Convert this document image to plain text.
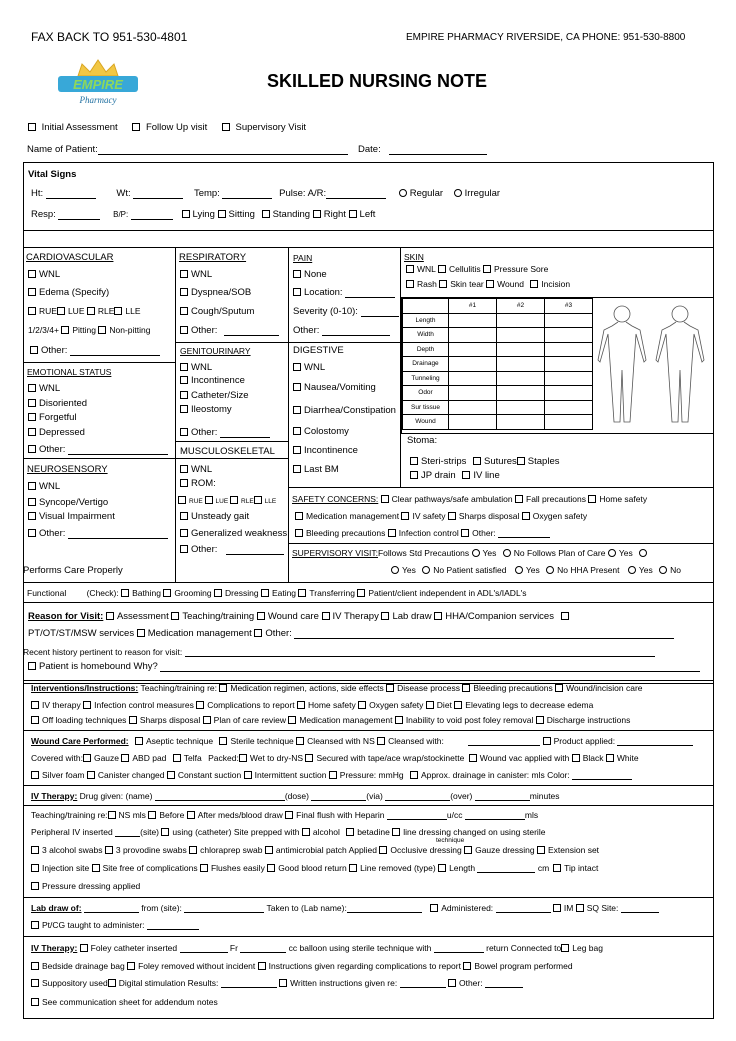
FAX BACK TO 951-530-4801	EMPIRE PHARMACY RIVERSIDE, CA PHONE: 951-530-8800
EMPIRE
Pharmacy
SKILLED NURSING NOTE
Initial Assessment	Follow Up visit	Supervisory Visit
Name of Patient:	Date:
Vital Signs
Ht:	Wt:	Temp:	Pulse: A/R:	Regular Irregular
Resp:	B/P:	Lying Sitting Standing Right Left
CARDIOVASCULAR
WNL
Edema (Specify)
RUE LUE RLE LLE
1/2/3/4+ Pitting Non-pitting
Other:
RESPIRATORY
WNL
Dyspnea/SOB
Cough/Sputum
Other:
PAIN
None
Location:
Severity (0-10):
Other:
SKIN
WNL Cellulitis Pressure Sore
Rash Skin tear Wound Incision
	#1	#2	#3
Length			
Width			
Depth			
Drainage			
Tunneling			
Odor			
Sur tissue			
Wound			
Stoma:
Steri-strips Sutures Staples
JP drain IV line
EMOTIONAL STATUS
WNL
Disoriented
Forgetful
Depressed
Other:
GENITOURINARY
WNL
Incontinence
Catheter/Size
Ileostomy
Other:
DIGESTIVE
WNL
Nausea/Vomiting
Diarrhea/Constipation
Colostomy
Incontinence
Last BM
NEUROSENSORY
WNL
Syncope/Vertigo
Visual Impairment
Other:
Performs Care Properly
MUSCULOSKELETAL
WNL
ROM:
RUE LUE RLE LLE
Unsteady gait
Generalized weakness
Other:
SAFETY CONCERNS: Clear pathways/safe ambulation Fall precautions Home safety
Medication management IV safety Sharps disposal Oxygen safety
Bleeding precautions Infection control Other:
SUPERVISORY VISIT:Follows Std Precautions Yes No Follows Plan of Care Yes
Yes No Patient satisfied Yes No HHA Present Yes No
Functional (Check): Bathing Grooming Dressing Eating Transferring Patient/client independent in ADL's/IADL's
Reason for Visit: Assessment Teaching/training Wound care IV Therapy Lab draw HHA/Companion services
PT/OT/ST/MSW services Medication management Other:
Recent history pertinent to reason for visit:
Patient is homebound Why?
Interventions/Instructions: Teaching/training re: Medication regimen, actions, side effects Disease process Bleeding precautions Wound/incision care
IV therapy Infection control measures Complications to report Home safety Oxygen safety Diet Elevating legs to decrease edema
Off loading techniques Sharps disposal Plan of care review Medication management Inability to void post foley removal Discharge instructions
Wound Care Performed: Aseptic technique Sterile technique Cleansed with NS Cleansed with:	Product applied:
Covered with: Gauze ABD pad Telfa Packed: Wet to dry-NS Secured with tape/ace wrap/stockinette Wound vac applied with Black White
Silver foam Canister changed Constant suction Intermittent suction Pressure: mmHg Approx. drainage in canister: mls Color:
IV Therapy: Drug given: (name)	(dose)	(via)	(over)	minutes
Teaching/training re: NS mls Before After meds/blood draw Final flush with Heparin	u/cc	mls
Peripheral IV inserted	(site) using (catheter) Site prepped with alcohol betadine line dressing changed on using sterile
technique
3 alcohol swabs 3 provodine swabs chloraprep swab antimicrobial patch Applied Occlusive dressing Gauze dressing Extension set
Injection site Site free of complications Flushes easily Good blood return Line removed (type) Length	cm Tip intact
Pressure dressing applied
Lab draw of:	from (site):	Taken to (Lab name):	Administered:	IM SQ Site:
Pt/CG taught to administer:
IV Therapy: Foley catheter inserted	Fr	cc balloon using sterile technique with	return Connected to Leg bag
Bedside drainage bag Foley removed without incident Instructions given regarding complications to report Bowel program performed
Suppository used Digital stimulation Results:	Written instructions given re:	Other:
See communication sheet for addendum notes
